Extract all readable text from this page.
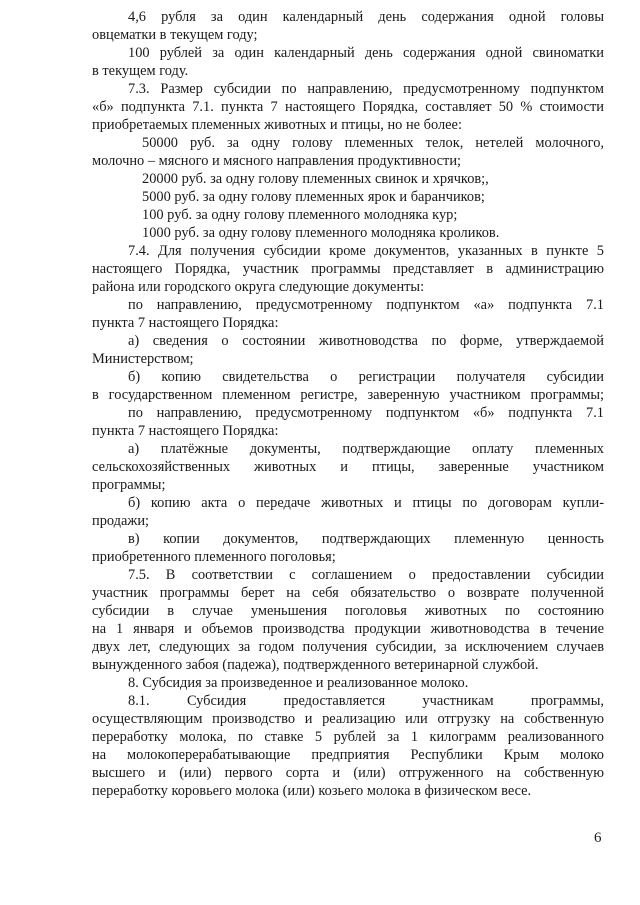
4,6 рубля за один календарный день содержания одной головы
овцематки в текущем году;
100 рублей за один календарный день содержания одной свиноматки
в текущем году.
7.3. Размер субсидии по направлению, предусмотренному подпунктом
«б» подпункта 7.1. пункта 7 настоящего Порядка, составляет 50 % стоимости
приобретаемых племенных животных и птицы, но не более:
50000 руб. за одну голову племенных телок, нетелей молочного,
молочно – мясного и мясного направления продуктивности;
20000 руб. за одну голову племенных свинок и хрячков;,
5000 руб. за одну голову племенных ярок и баранчиков;
100 руб. за одну голову племенного молодняка кур;
1000 руб. за одну голову племенного молодняка кроликов.
7.4. Для получения субсидии кроме документов, указанных в пункте 5
настоящего Порядка, участник программы представляет в администрацию
района или городского округа следующие документы:
по направлению, предусмотренному подпунктом «а» подпункта 7.1
пункта 7 настоящего Порядка:
а) сведения о состоянии животноводства по форме, утверждаемой
Министерством;
б) копию свидетельства о регистрации получателя субсидии
в государственном племенном регистре, заверенную участником программы;
по направлению, предусмотренному подпунктом «б» подпункта 7.1
пункта 7 настоящего Порядка:
а) платёжные документы, подтверждающие оплату племенных
сельскохозяйственных животных и птицы, заверенные участником
программы;
б) копию акта о передаче животных и птицы по договорам купли-
продажи;
в) копии документов, подтверждающих племенную ценность
приобретенного племенного поголовья;
7.5. В соответствии с соглашением о предоставлении субсидии
участник программы берет на себя обязательство о возврате полученной
субсидии в случае уменьшения поголовья животных по состоянию
на 1 января и объемов производства продукции животноводства в течение
двух лет, следующих за годом получения субсидии, за исключением случаев
вынужденного забоя (падежа), подтвержденного ветеринарной службой.
8. Субсидия за произведенное и реализованное молоко.
8.1. Субсидия предоставляется участникам программы,
осуществляющим производство и реализацию или отгрузку на собственную
переработку молока, по ставке 5 рублей за 1 килограмм реализованного
на молокоперерабатывающие предприятия Республики Крым молоко
высшего и (или) первого сорта и (или) отгруженного на собственную
переработку коровьего молока (или) козьего молока в физическом весе.
6
